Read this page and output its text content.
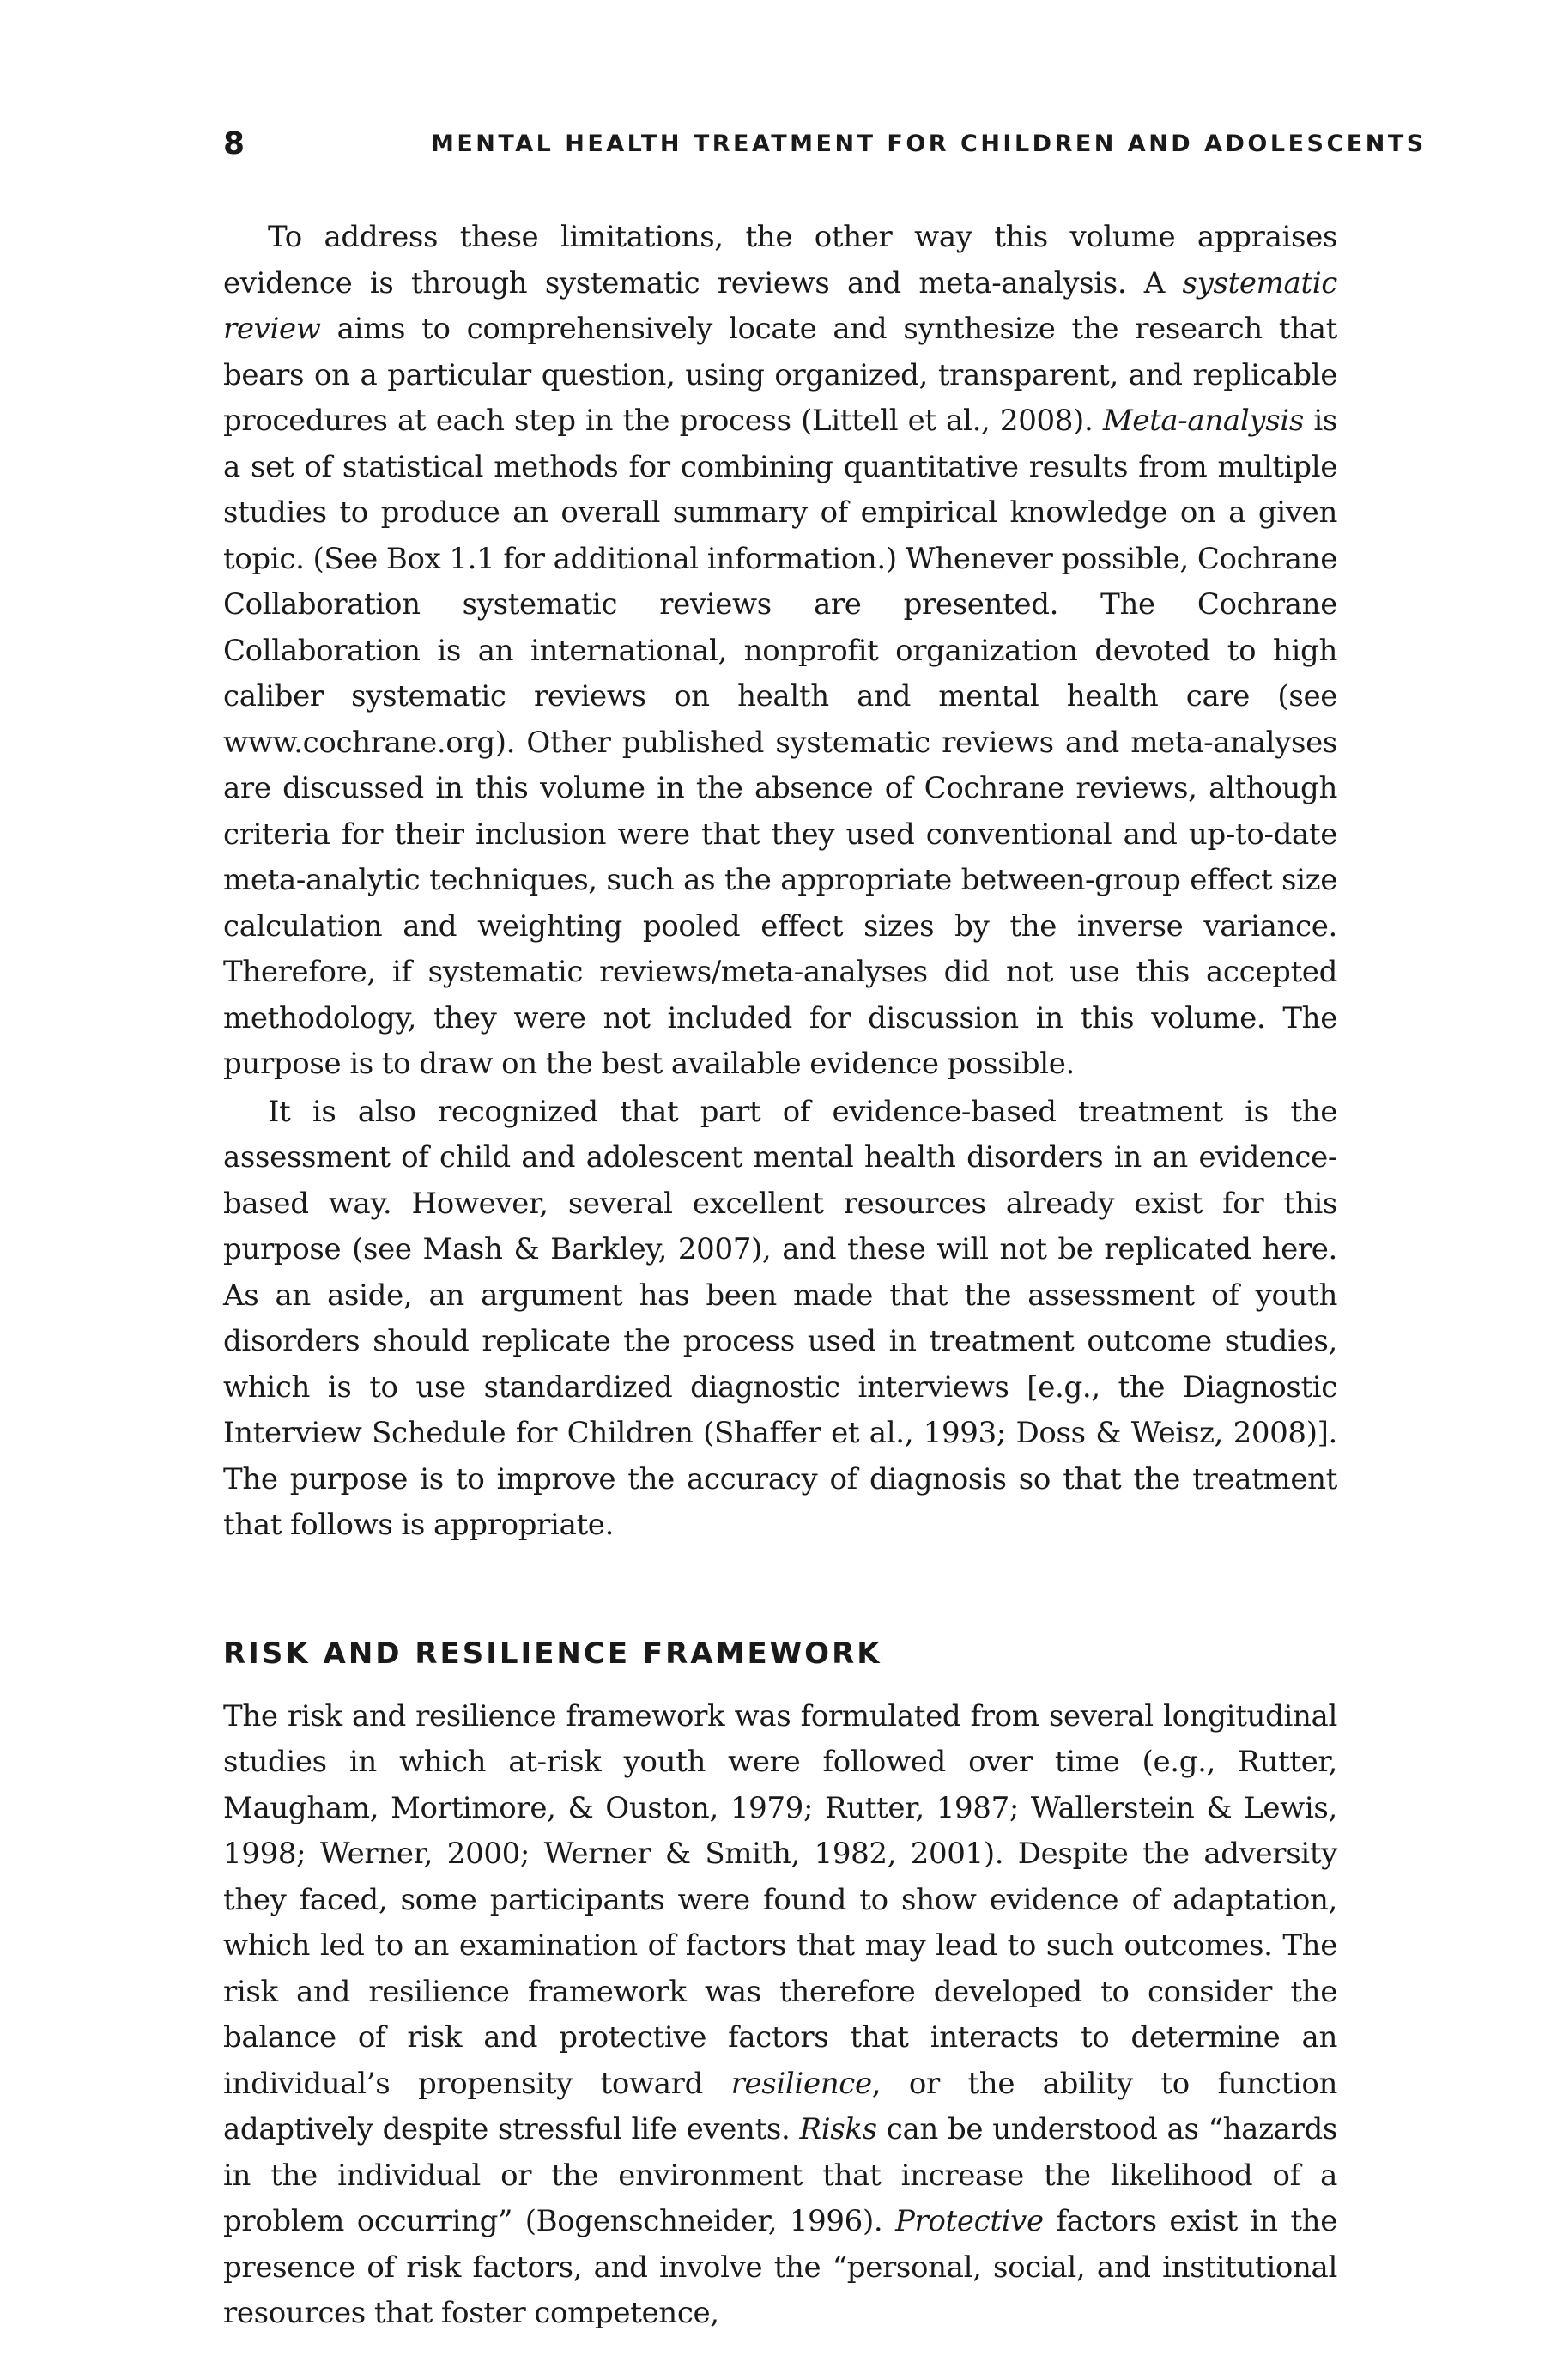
8	MENTAL HEALTH TREATMENT FOR CHILDREN AND ADOLESCENTS

To address these limitations, the other way this volume appraises evidence is through systematic reviews and meta-analysis. A systematic review aims to comprehensively locate and synthesize the research that bears on a particular question, using organized, transparent, and replicable procedures at each step in the process (Littell et al., 2008). Meta-analysis is a set of statistical methods for combining quantitative results from multiple studies to produce an overall summary of empirical knowledge on a given topic. (See Box 1.1 for additional information.) Whenever possible, Cochrane Collaboration systematic reviews are presented. The Cochrane Collaboration is an international, nonprofit organization devoted to high caliber systematic reviews on health and mental health care (see www.cochrane.org). Other published systematic reviews and meta-analyses are discussed in this volume in the absence of Cochrane reviews, although criteria for their inclusion were that they used conventional and up-to-date meta-analytic techniques, such as the appropriate between-group effect size calculation and weighting pooled effect sizes by the inverse variance. Therefore, if systematic reviews/meta-analyses did not use this accepted methodology, they were not included for discussion in this volume. The purpose is to draw on the best available evidence possible.

It is also recognized that part of evidence-based treatment is the assessment of child and adolescent mental health disorders in an evidence-based way. However, several excellent resources already exist for this purpose (see Mash & Barkley, 2007), and these will not be replicated here. As an aside, an argument has been made that the assessment of youth disorders should replicate the process used in treatment outcome studies, which is to use standardized diagnostic interviews [e.g., the Diagnostic Interview Schedule for Children (Shaffer et al., 1993; Doss & Weisz, 2008)]. The purpose is to improve the accuracy of diagnosis so that the treatment that follows is appropriate.

RISK AND RESILIENCE FRAMEWORK

The risk and resilience framework was formulated from several longitudinal studies in which at-risk youth were followed over time (e.g., Rutter, Maugham, Mortimore, & Ouston, 1979; Rutter, 1987; Wallerstein & Lewis, 1998; Werner, 2000; Werner & Smith, 1982, 2001). Despite the adversity they faced, some participants were found to show evidence of adaptation, which led to an examination of factors that may lead to such outcomes. The risk and resilience framework was therefore developed to consider the balance of risk and protective factors that interacts to determine an individual’s propensity toward resilience, or the ability to function adaptively despite stressful life events. Risks can be understood as “hazards in the individual or the environment that increase the likelihood of a problem occurring” (Bogenschneider, 1996). Protective factors exist in the presence of risk factors, and involve the “personal, social, and institutional resources that foster competence,
